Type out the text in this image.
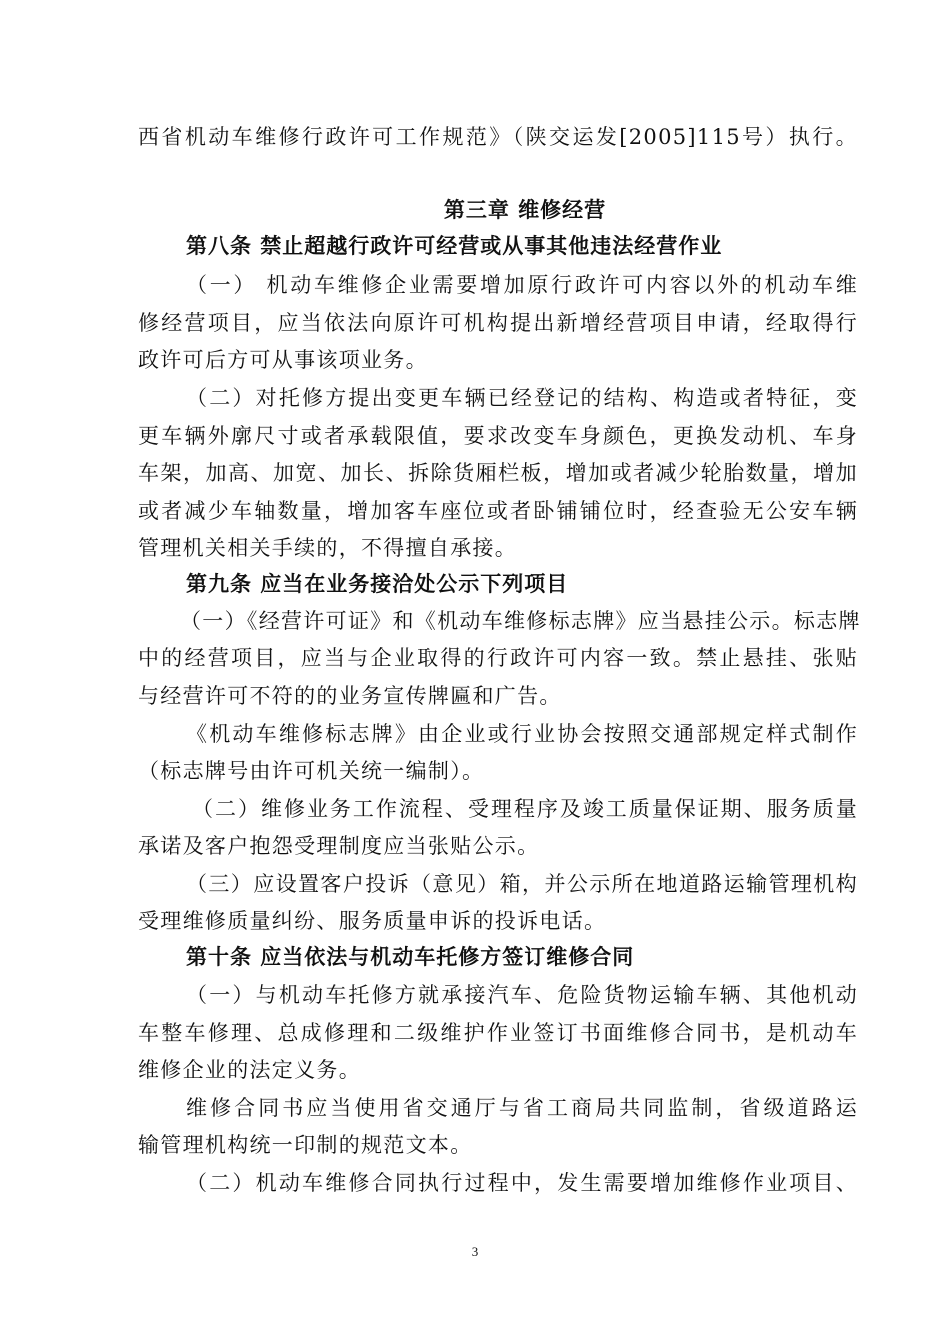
西省机动车维修行政许可工作规范》（陕交运发[2005]115号）执行。
第三章 维修经营
第八条 禁止超越行政许可经营或从事其他违法经营作业
（一） 机动车维修企业需要增加原行政许可内容以外的机动车维
修经营项目，应当依法向原许可机构提出新增经营项目申请，经取得行
政许可后方可从事该项业务。
（二）对托修方提出变更车辆已经登记的结构、构造或者特征，变
更车辆外廓尺寸或者承载限值，要求改变车身颜色，更换发动机、车身
车架，加高、加宽、加长、拆除货厢栏板，增加或者减少轮胎数量，增加
或者减少车轴数量，增加客车座位或者卧铺铺位时，经查验无公安车辆
管理机关相关手续的，不得擅自承接。
第九条 应当在业务接洽处公示下列项目
（一）《经营许可证》和《机动车维修标志牌》应当悬挂公示。标志牌
中的经营项目，应当与企业取得的行政许可内容一致。禁止悬挂、张贴
与经营许可不符的的业务宣传牌匾和广告。
《机动车维修标志牌》由企业或行业协会按照交通部规定样式制作
（标志牌号由许可机关统一编制）。
（二）维修业务工作流程、受理程序及竣工质量保证期、服务质量
承诺及客户抱怨受理制度应当张贴公示。
（三）应设置客户投诉（意见）箱，并公示所在地道路运输管理机构
受理维修质量纠纷、服务质量申诉的投诉电话。
第十条 应当依法与机动车托修方签订维修合同
（一）与机动车托修方就承接汽车、危险货物运输车辆、其他机动
车整车修理、总成修理和二级维护作业签订书面维修合同书，是机动车
维修企业的法定义务。
维修合同书应当使用省交通厅与省工商局共同监制，省级道路运
输管理机构统一印制的规范文本。
（二）机动车维修合同执行过程中，发生需要增加维修作业项目、
3
